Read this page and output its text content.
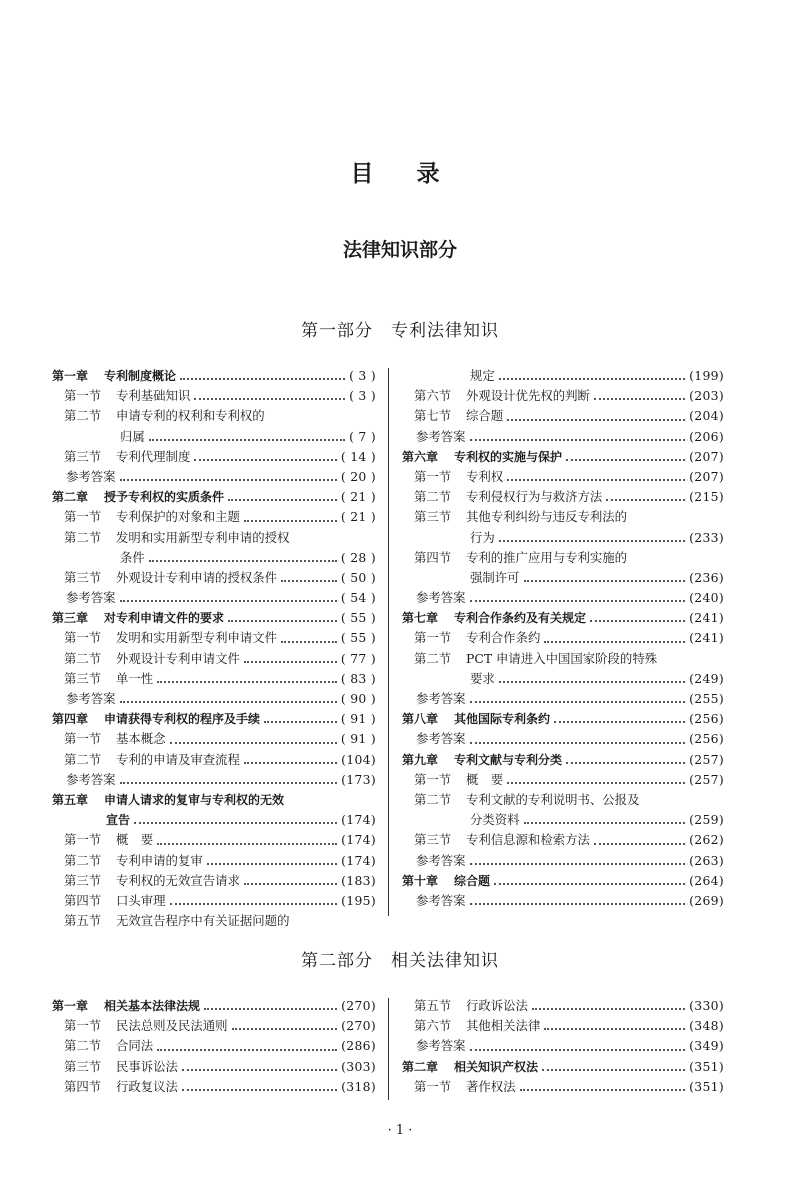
目　录
法律知识部分
第一部分　专利法律知识
第一章 专利制度概论	( 3 )
第一节 专利基础知识	( 3 )
第二节 申请专利的权利和专利权的
归属	( 7 )
第三节 专利代理制度	( 14 )
参考答案	( 20 )
第二章 授予专利权的实质条件	( 21 )
第一节 专利保护的对象和主题	( 21 )
第二节 发明和实用新型专利申请的授权
条件	( 28 )
第三节 外观设计专利申请的授权条件	( 50 )
参考答案	( 54 )
第三章 对专利申请文件的要求	( 55 )
第一节 发明和实用新型专利申请文件	( 55 )
第二节 外观设计专利申请文件	( 77 )
第三节 单一性	( 83 )
参考答案	( 90 )
第四章 申请获得专利权的程序及手续	( 91 )
第一节 基本概念	( 91 )
第二节 专利的申请及审查流程	(104)
参考答案	(173)
第五章 申请人请求的复审与专利权的无效
宣告	(174)
第一节 概　要	(174)
第二节 专利申请的复审	(174)
第三节 专利权的无效宣告请求	(183)
第四节 口头审理	(195)
第五节 无效宣告程序中有关证据问题的
规定	(199)
第六节 外观设计优先权的判断	(203)
第七节 综合题	(204)
参考答案	(206)
第六章 专利权的实施与保护	(207)
第一节 专利权	(207)
第二节 专利侵权行为与救济方法	(215)
第三节 其他专利纠纷与违反专利法的
行为	(233)
第四节 专利的推广应用与专利实施的
强制许可	(236)
参考答案	(240)
第七章 专利合作条约及有关规定	(241)
第一节 专利合作条约	(241)
第二节 PCT 申请进入中国国家阶段的特殊
要求	(249)
参考答案	(255)
第八章 其他国际专利条约	(256)
参考答案	(256)
第九章 专利文献与专利分类	(257)
第一节 概　要	(257)
第二节 专利文献的专利说明书、公报及
分类资料	(259)
第三节 专利信息源和检索方法	(262)
参考答案	(263)
第十章 综合题	(264)
参考答案	(269)
第二部分　相关法律知识
第一章 相关基本法律法规	(270)
第一节 民法总则及民法通则	(270)
第二节 合同法	(286)
第三节 民事诉讼法	(303)
第四节 行政复议法	(318)
第五节 行政诉讼法	(330)
第六节 其他相关法律	(348)
参考答案	(349)
第二章 相关知识产权法	(351)
第一节 著作权法	(351)
· 1 ·
